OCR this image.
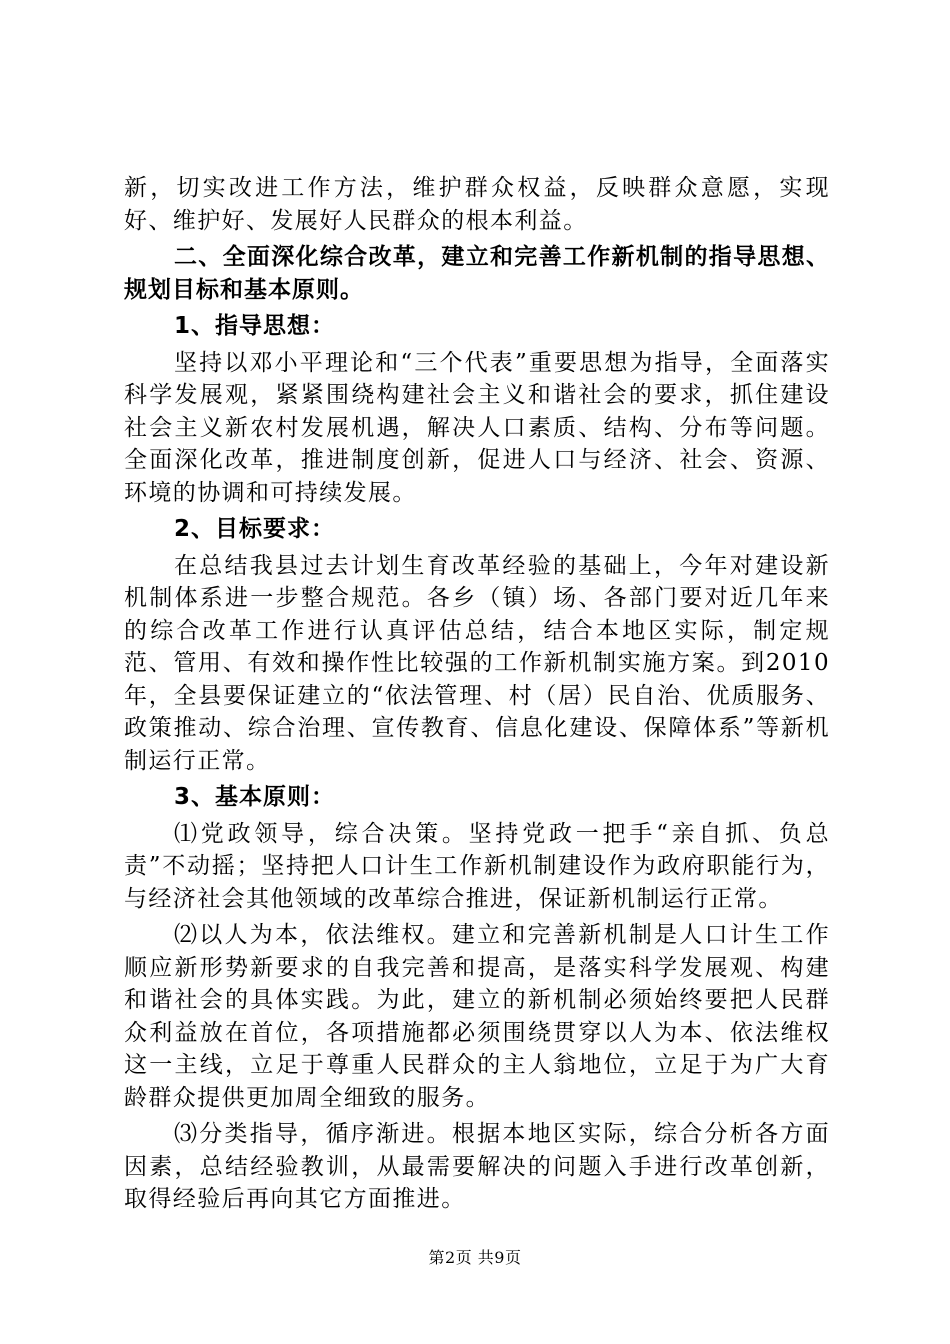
新，切实改进工作方法，维护群众权益，反映群众意愿，实现好、维护好、发展好人民群众的根本利益。

二、全面深化综合改革，建立和完善工作新机制的指导思想、规划目标和基本原则。

1、指导思想：

坚持以邓小平理论和“三个代表”重要思想为指导，全面落实科学发展观，紧紧围绕构建社会主义和谐社会的要求，抓住建设社会主义新农村发展机遇，解决人口素质、结构、分布等问题。全面深化改革，推进制度创新，促进人口与经济、社会、资源、环境的协调和可持续发展。

2、目标要求：

在总结我县过去计划生育改革经验的基础上，今年对建设新机制体系进一步整合规范。各乡（镇）场、各部门要对近几年来的综合改革工作进行认真评估总结，结合本地区实际，制定规范、管用、有效和操作性比较强的工作新机制实施方案。到2010年，全县要保证建立的“依法管理、村（居）民自治、优质服务、政策推动、综合治理、宣传教育、信息化建设、保障体系”等新机制运行正常。

3、基本原则：

⑴党政领导，综合决策。坚持党政一把手“亲自抓、负总责”不动摇；坚持把人口计生工作新机制建设作为政府职能行为，与经济社会其他领域的改革综合推进，保证新机制运行正常。

⑵以人为本，依法维权。建立和完善新机制是人口计生工作顺应新形势新要求的自我完善和提高，是落实科学发展观、构建和谐社会的具体实践。为此，建立的新机制必须始终要把人民群众利益放在首位，各项措施都必须围绕贯穿以人为本、依法维权这一主线，立足于尊重人民群众的主人翁地位，立足于为广大育龄群众提供更加周全细致的服务。

⑶分类指导，循序渐进。根据本地区实际，综合分析各方面因素，总结经验教训，从最需要解决的问题入手进行改革创新，取得经验后再向其它方面推进。

第2页 共9页
